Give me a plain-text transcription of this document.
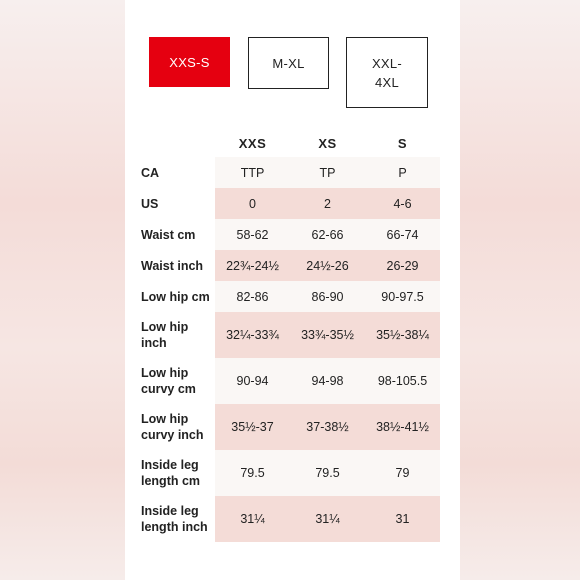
XXS-S	M-XL	XXL-4XL
	XXS	XS	S
CA	TTP	TP	P
US	0	2	4-6
Waist cm	58-62	62-66	66-74
Waist inch	22¾-24½	24½-26	26-29
Low hip cm	82-86	86-90	90-97.5
Low hip inch	32¼-33¾	33¾-35½	35½-38¼
Low hip curvy cm	90-94	94-98	98-105.5
Low hip curvy inch	35½-37	37-38½	38½-41½
Inside leg length cm	79.5	79.5	79
Inside leg length inch	31¼	31¼	31
